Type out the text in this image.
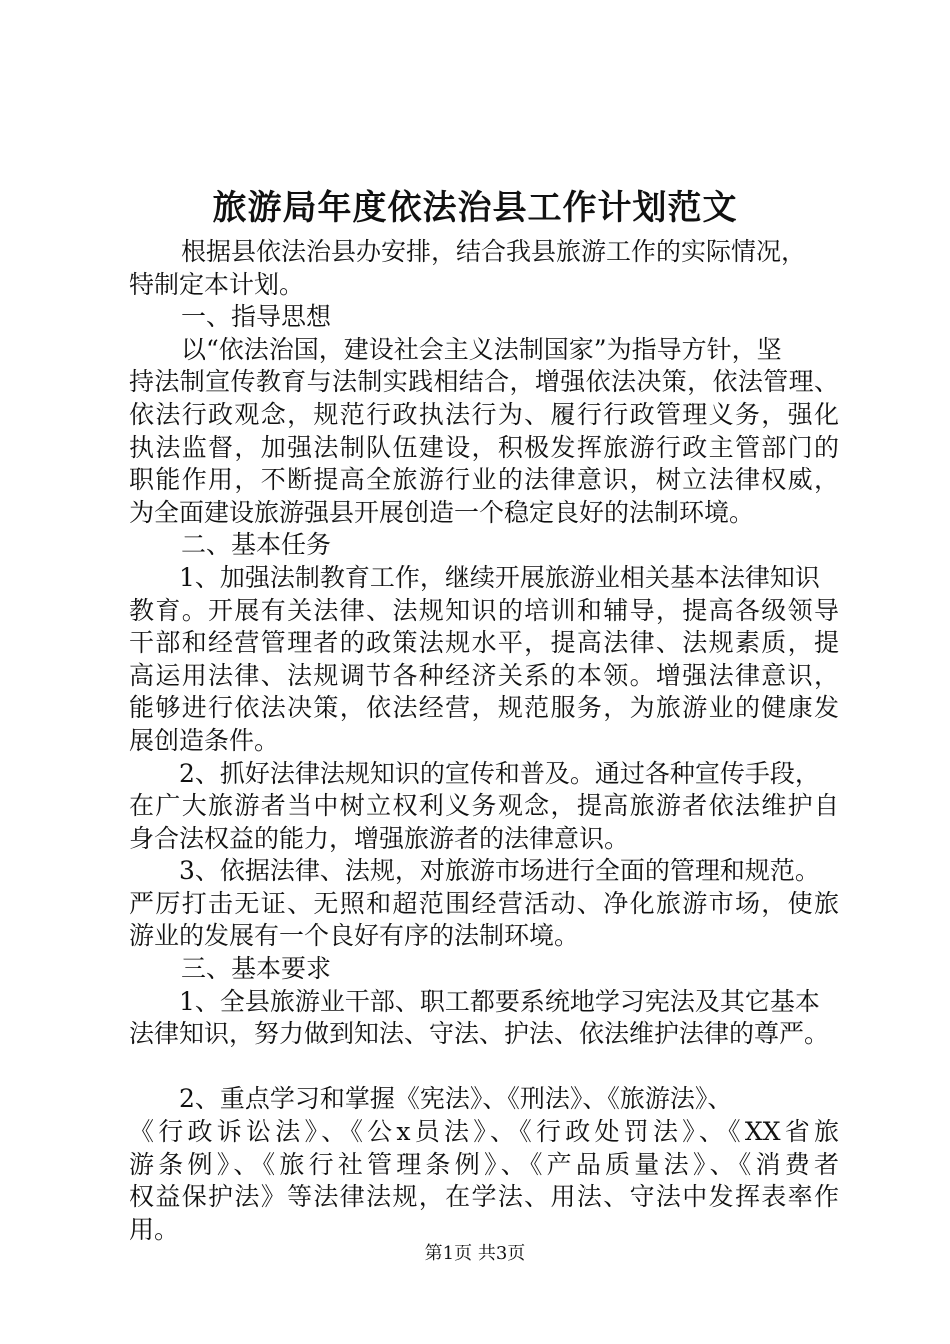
旅游局年度依法治县工作计划范文
根据县依法治县办安排，结合我县旅游工作的实际情况，
特制定本计划。
一、指导思想
以“依法治国，建设社会主义法制国家”为指导方针，坚
持法制宣传教育与法制实践相结合，增强依法决策，依法管理、
依法行政观念，规范行政执法行为、履行行政管理义务，强化
执法监督，加强法制队伍建设，积极发挥旅游行政主管部门的
职能作用，不断提高全旅游行业的法律意识，树立法律权威，
为全面建设旅游强县开展创造一个稳定良好的法制环境。
二、基本任务
1、加强法制教育工作，继续开展旅游业相关基本法律知识
教育。开展有关法律、法规知识的培训和辅导，提高各级领导
干部和经营管理者的政策法规水平，提高法律、法规素质，提
高运用法律、法规调节各种经济关系的本领。增强法律意识，
能够进行依法决策，依法经营，规范服务，为旅游业的健康发
展创造条件。
2、抓好法律法规知识的宣传和普及。通过各种宣传手段，
在广大旅游者当中树立权利义务观念，提高旅游者依法维护自
身合法权益的能力，增强旅游者的法律意识。
3、依据法律、法规，对旅游市场进行全面的管理和规范。
严厉打击无证、无照和超范围经营活动、净化旅游市场，使旅
游业的发展有一个良好有序的法制环境。
三、基本要求
1、全县旅游业干部、职工都要系统地学习宪法及其它基本
法律知识，努力做到知法、守法、护法、依法维护法律的尊严。
2、重点学习和掌握《宪法》、《刑法》、《旅游法》、
《行政诉讼法》、《公x员法》、《行政处罚法》、《XX省旅
游条例》、《旅行社管理条例》、《产品质量法》、《消费者
权益保护法》等法律法规，在学法、用法、守法中发挥表率作
用。
第1页 共3页
